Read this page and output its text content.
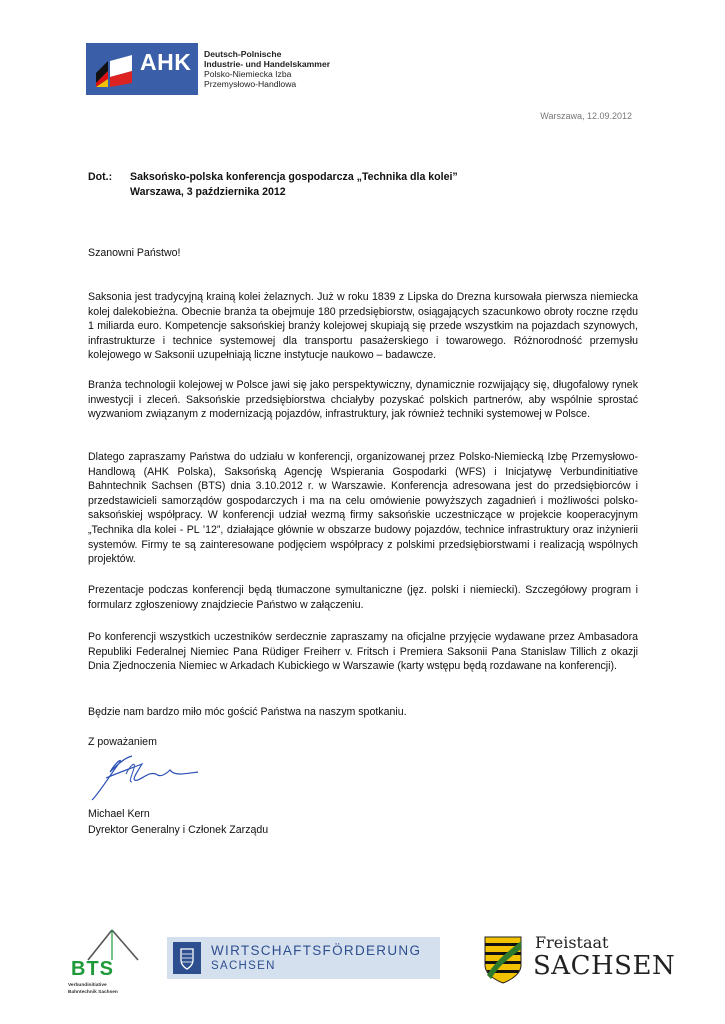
AHK Deutsch-Polnische
Industrie- und Handelskammer
Polsko-Niemiecka Izba
Przemysłowo-Handlowa
Warszawa, 12.09.2012
Dot.: Saksońsko-polska konferencja gospodarcza „Technika dla kolei”
Warszawa, 3 października 2012
Szanowni Państwo!
Saksonia jest tradycyjną krainą kolei żelaznych. Już w roku 1839 z Lipska do Drezna kursowała pierwsza niemiecka kolej dalekobieżna. Obecnie branża ta obejmuje 180 przedsiębiorstw, osiągających szacunkowo obroty roczne rzędu 1 miliarda euro. Kompetencje saksońskiej branży kolejowej skupiają się przede wszystkim na pojazdach szynowych, infrastrukturze i technice systemowej dla transportu pasażerskiego i towarowego. Różnorodność przemysłu kolejowego w Saksonii uzupełniają liczne instytucje naukowo – badawcze.
Branża technologii kolejowej w Polsce jawi się jako perspektywiczny, dynamicznie rozwijający się, długofalowy rynek inwestycji i zleceń. Saksońskie przedsiębiorstwa chciałyby pozyskać polskich partnerów, aby wspólnie sprostać wyzwaniom związanym z modernizacją pojazdów, infrastruktury, jak również techniki systemowej w Polsce.
Dlatego zapraszamy Państwa do udziału w konferencji, organizowanej przez Polsko-Niemiecką Izbę Przemysłowo-Handlową (AHK Polska), Saksońską Agencję Wspierania Gospodarki (WFS) i Inicjatywę Verbundinitiative Bahntechnik Sachsen (BTS) dnia 3.10.2012 r. w Warszawie. Konferencja adresowana jest do przedsiębiorców i przedstawicieli samorządów gospodarczych i ma na celu omówienie powyższych zagadnień i możliwości polsko-saksońskiej współpracy. W konferencji udział wezmą firmy saksońskie uczestniczące w projekcie kooperacyjnym „Technika dla kolei - PL ’12”, działające głównie w obszarze budowy pojazdów, technice infrastruktury oraz inżynierii systemów. Firmy te są zainteresowane podjęciem współpracy z polskimi przedsiębiorstwami i realizacją wspólnych projektów.
Prezentacje podczas konferencji będą tłumaczone symultaniczne (jęz. polski i niemiecki). Szczegółowy program i formularz zgłoszeniowy znajdziecie Państwo w załączeniu.
Po konferencji wszystkich uczestników serdecznie zapraszamy na oficjalne przyjęcie wydawane przez Ambasadora Republiki Federalnej Niemiec Pana Rüdiger Freiherr v. Fritsch i Premiera Saksonii Pana Stanislaw Tillich z okazji Dnia Zjednoczenia Niemiec w Arkadach Kubickiego w Warszawie (karty wstępu będą rozdawane na konferencji).
Będzie nam bardzo miło móc gościć Państwa na naszym spotkaniu.
Z poważaniem
Michael Kern
Dyrektor Generalny i Członek Zarządu
BTS
Verbundinitiative
Bahntechnik Sachsen
WIRTSCHAFTSFÖRDERUNG
SACHSEN
Freistaat
SACHSEN
